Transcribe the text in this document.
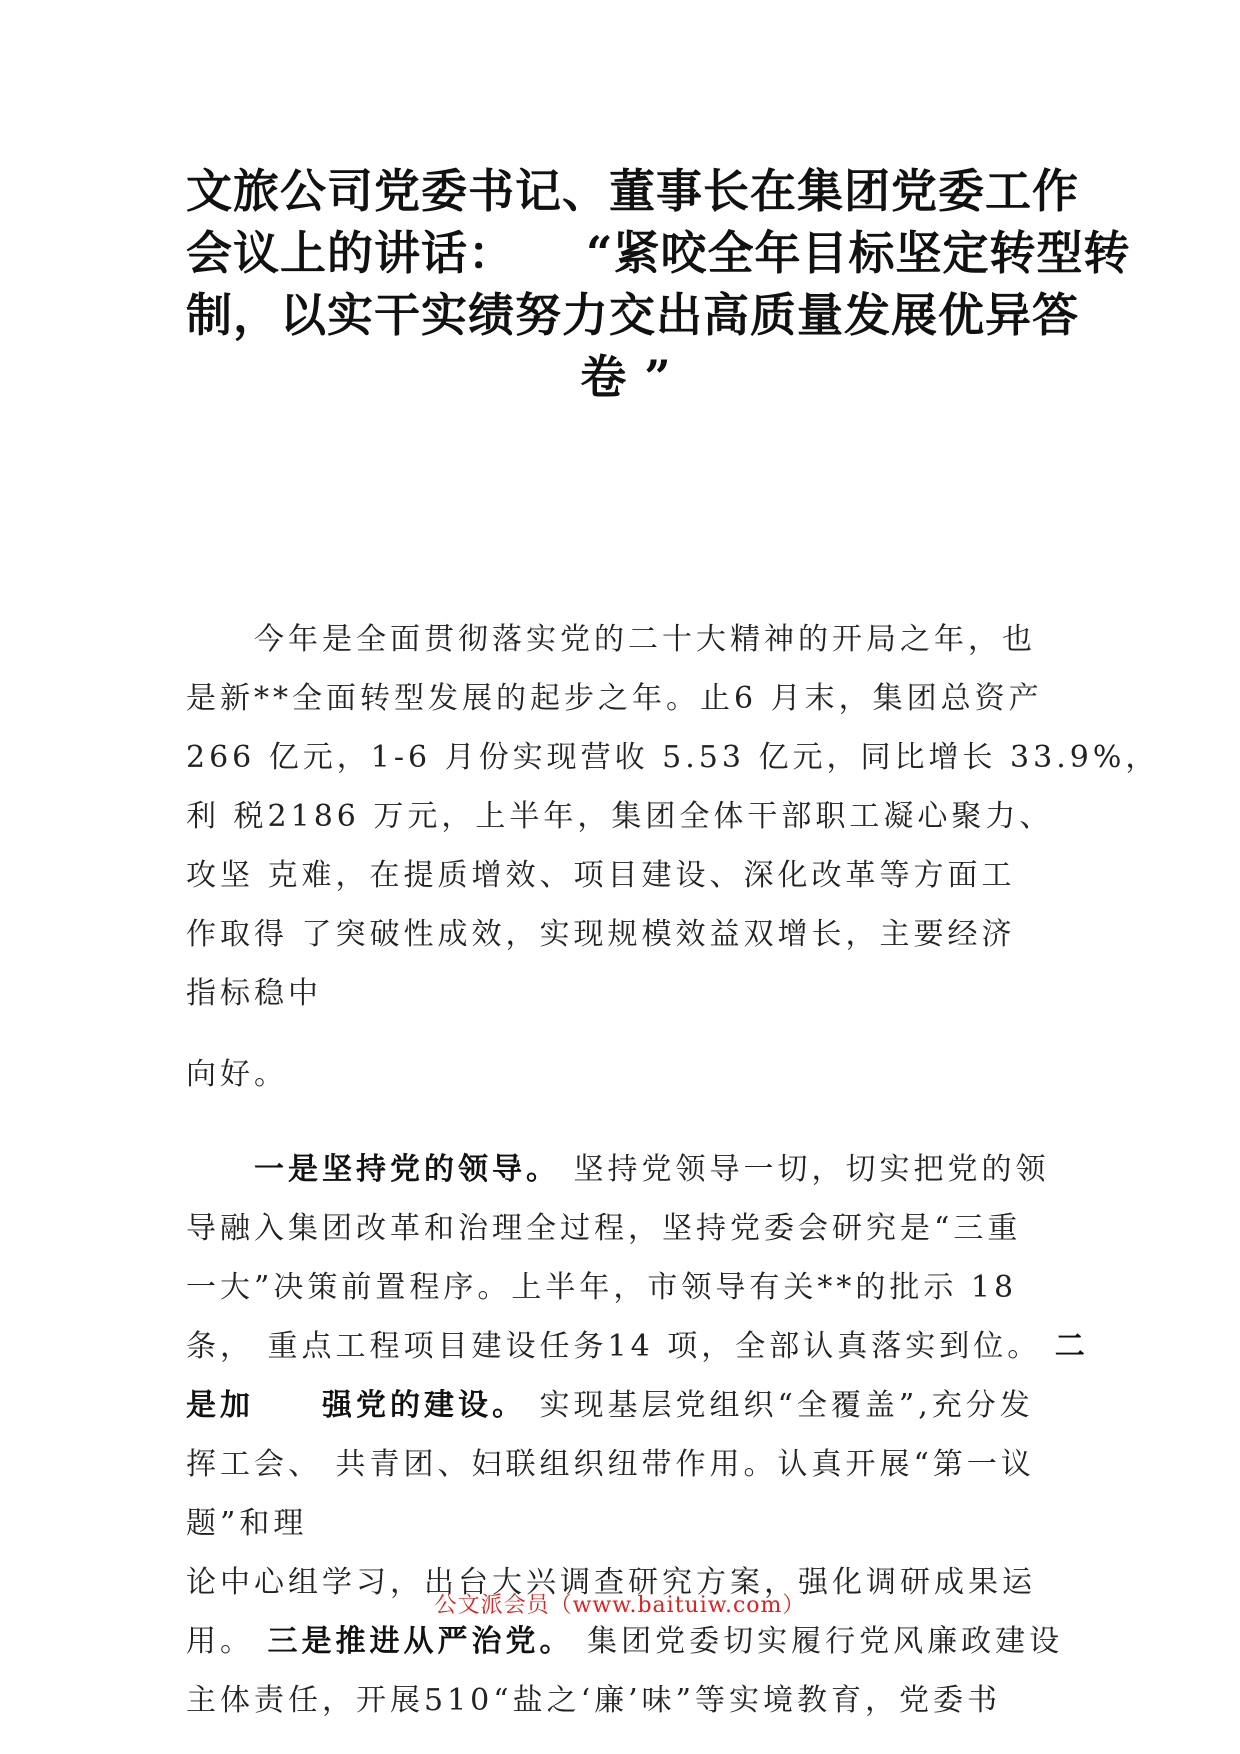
文旅公司党委书记、董事长在集团党委工作
会议上的讲话：　　“紧咬全年目标坚定转型转
制，以实干实绩努力交出高质量发展优异答
卷 ”
　　今年是全面贯彻落实党的二十大精神的开局之年，也
是新**全面转型发展的起步之年。止6 月末，集团总资产
266 亿元，1-6 月份实现营收 5.53 亿元，同比增长 33.9%，
利 税2186 万元，上半年，集团全体干部职工凝心聚力、
攻坚 克难，在提质增效、项目建设、深化改革等方面工
作取得 了突破性成效，实现规模效益双增长，主要经济
指标稳中
向好。
　　一是坚持党的领导。 坚持党领导一切，切实把党的领
导融入集团改革和治理全过程，坚持党委会研究是“三重
一大”决策前置程序。上半年，市领导有关**的批示 18
条， 重点工程项目建设任务14 项，全部认真落实到位。 二
是加　　强党的建设。 实现基层党组织“全覆盖”,充分发
挥工会、 共青团、妇联组织纽带作用。认真开展“第一议
题”和理
论中心组学习，出台大兴调查研究方案，强化调研成果运
用。 三是推进从严治党。 集团党委切实履行党风廉政建设
主体责任，开展510“盐之‘廉’味”等实境教育，党委书
公文派会员（www.baituiw.com）
